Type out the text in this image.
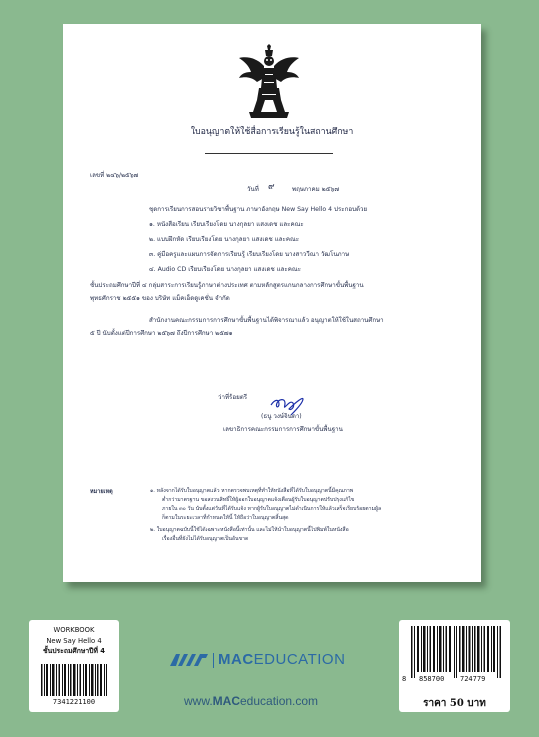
ใบอนุญาตให้ใช้สื่อการเรียนรู้ในสถานศึกษา
เลขที่ ๒๔๖/๒๕๖๗
วันที่ ๙	พฤษภาคม ๒๕๖๗
ชุดการเรียนการสอนรายวิชาพื้นฐาน ภาษาอังกฤษ New Say Hello 4 ประกอบด้วย
๑. หนังสือเรียน เรียบเรียงโดย นางกุลยา แสงเดช และคณะ
๒. แบบฝึกหัด เรียบเรียงโดย นางกุลยา แสงเดช และคณะ
๓. คู่มือครูและแผนการจัดการเรียนรู้ เรียบเรียงโดย นางสาววีณา วัฒโนภาษ
๔. Audio CD เรียบเรียงโดย นางกุลยา แสงเดช และคณะ
ชั้นประถมศึกษาปีที่ ๔ กลุ่มสาระการเรียนรู้ภาษาต่างประเทศ ตามหลักสูตรแกนกลางการศึกษาขั้นพื้นฐาน
พุทธศักราช ๒๕๕๑ ของ บริษัท แม็คเอ็ดดูเคชั่น จำกัด
สำนักงานคณะกรรมการการศึกษาขั้นพื้นฐานได้พิจารณาแล้ว อนุญาตให้ใช้ในสถานศึกษา
๕ ปี นับตั้งแต่ปีการศึกษา ๒๕๖๗ ถึงปีการศึกษา ๒๕๗๑
ว่าที่ร้อยตรี
(ธนู วงษ์จินดา)
เลขาธิการคณะกรรมการการศึกษาขั้นพื้นฐาน
หมายเหตุ	๑. หลังจากได้รับใบอนุญาตแล้ว หากตรวจพบเหตุที่ทำให้หนังสือที่ได้รับใบอนุญาตนี้มีคุณภาพ
ต่ำกว่ามาตรฐาน ขอสงวนสิทธิ์ให้ผู้ออกใบอนุญาตแจ้งเตือนผู้รับใบอนุญาตปรับปรุงแก้ไข
ภายใน ๓๐ วัน นับตั้งแต่วันที่ได้รับแจ้ง หากผู้รับใบอนุญาตไม่ดำเนินการให้แล้วเสร็จเรียบร้อยตามผู้ล
ก็ตามในระยะเวลาที่กำหนดให้นี้ ให้ถือว่าใบอนุญาตสิ้นสุด
๒. ใบอนุญาตฉบับนี้ใช้ได้เฉพาะหนังสือนี้เท่านั้น และไม่ให้นำใบอนุญาตนี้ไปพิมพ์ในหนังสือ
เรื่องอื่นที่ยังไม่ได้รับอนุญาตเป็นอันขาด
WORKBOOK
New Say Hello 4
ชั้นประถมศึกษาปีที่ 4
7341221100
8 858700 724779
ราคา 50 บาท
MACEDUCATION
www.MACeducation.com
